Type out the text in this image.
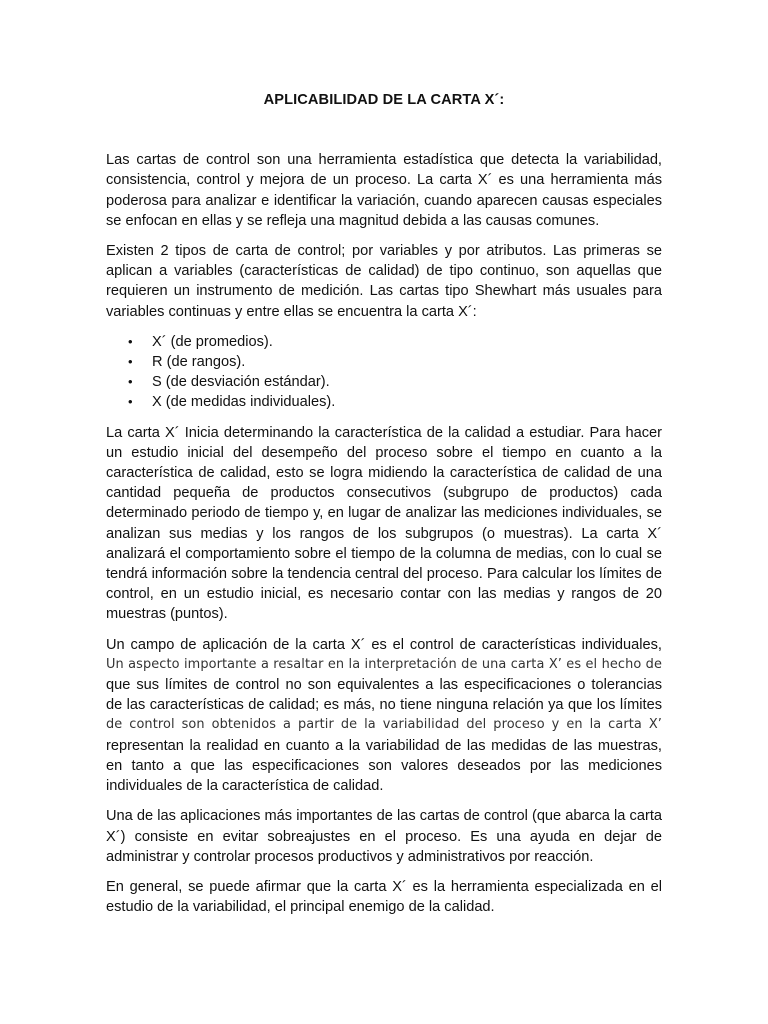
APLICABILIDAD DE LA CARTA X´:

Las cartas de control son una herramienta estadística que detecta la variabilidad, consistencia, control y mejora de un proceso. La carta X´ es una herramienta más poderosa para analizar e identificar la variación, cuando aparecen causas especiales se enfocan en ellas y se refleja una magnitud debida a las causas comunes.

Existen 2 tipos de carta de control; por variables y por atributos. Las primeras se aplican a variables (características de calidad) de tipo continuo, son aquellas que requieren un instrumento de medición. Las cartas tipo Shewhart más usuales para variables continuas y entre ellas se encuentra la carta X´:

• X´ (de promedios).
• R (de rangos).
• S (de desviación estándar).
• X (de medidas individuales).

La carta X´ Inicia determinando la característica de la calidad a estudiar. Para hacer un estudio inicial del desempeño del proceso sobre el tiempo en cuanto a la característica de calidad, esto se logra midiendo la característica de calidad de una cantidad pequeña de productos consecutivos (subgrupo de productos) cada determinado periodo de tiempo y, en lugar de analizar las mediciones individuales, se analizan sus medias y los rangos de los subgrupos (o muestras). La carta X´ analizará el comportamiento sobre el tiempo de la columna de medias, con lo cual se tendrá información sobre la tendencia central del proceso. Para calcular los límites de control, en un estudio inicial, es necesario contar con las medias y rangos de 20 muestras (puntos).

Un campo de aplicación de la carta X´ es el control de características individuales,
Un aspecto importante a resaltar en la interpretación de una carta X’ es el hecho de
que sus límites de control no son equivalentes a las especificaciones o tolerancias
de las características de calidad; es más, no tiene ninguna relación ya que los límites
de control son obtenidos a partir de la variabilidad del proceso y en la carta X’
representan la realidad en cuanto a la variabilidad de las medidas de las muestras,
en tanto a que las especificaciones son valores deseados por las mediciones
individuales de la característica de calidad.

Una de las aplicaciones más importantes de las cartas de control (que abarca la carta X´) consiste en evitar sobreajustes en el proceso. Es una ayuda en dejar de administrar y controlar procesos productivos y administrativos por reacción.

En general, se puede afirmar que la carta X´ es la herramienta especializada en el estudio de la variabilidad, el principal enemigo de la calidad.
